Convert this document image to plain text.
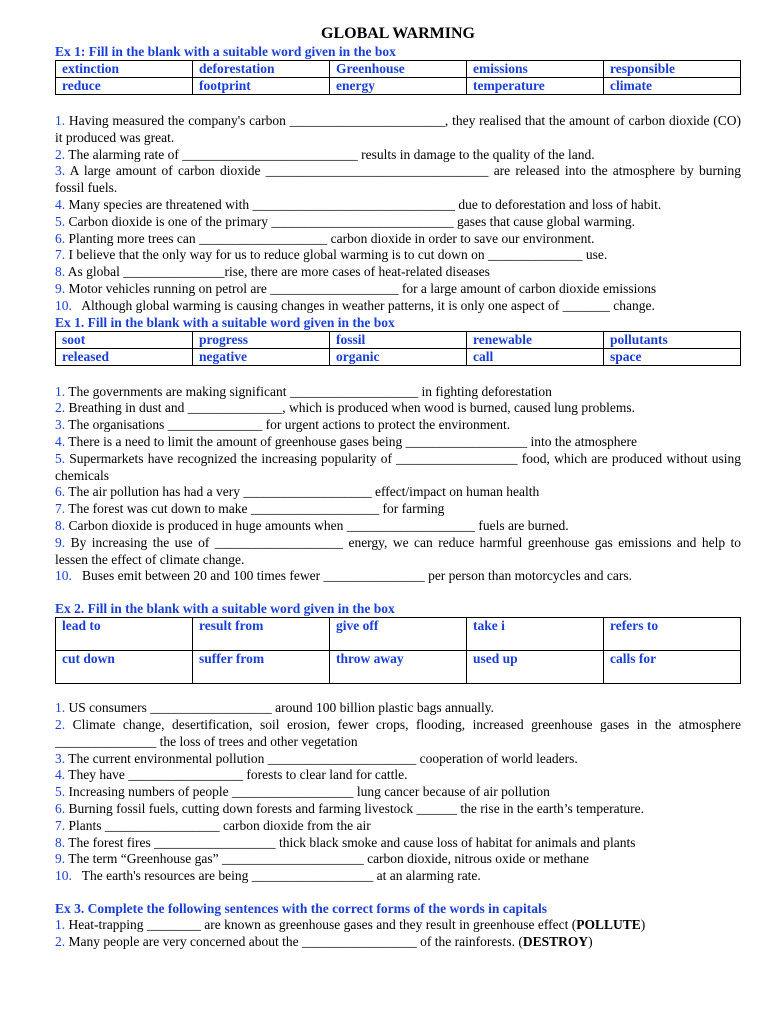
GLOBAL WARMING

Ex 1: Fill in the blank with a suitable word given in the box

extinction	deforestation	Greenhouse	emissions	responsible
reduce	footprint	energy	temperature	climate

1. Having measured the company's carbon _______________________, they realised that the amount of carbon dioxide (CO) it produced was great.

2. The alarming rate of __________________________ results in damage to the quality of the land.

3. A large amount of carbon dioxide _________________________________ are released into the atmosphere by burning fossil fuels.

4. Many species are threatened with ______________________________ due to deforestation and loss of habit.

5. Carbon dioxide is one of the primary ___________________________ gases that cause global warming.

6. Planting more trees can ___________________ carbon dioxide in order to save our environment.

7. I believe that the only way for us to reduce global warming is to cut down on ______________ use.

8. As global _______________rise, there are more cases of heat-related diseases

9. Motor vehicles running on petrol are ___________________ for a large amount of carbon dioxide emissions

10.   Although global warming is causing changes in weather patterns, it is only one aspect of _______ change.

Ex 1. Fill in the blank with a suitable word given in the box

soot	progress	fossil	renewable	pollutants
released	negative	organic	call	space

1. The governments are making significant ___________________ in fighting deforestation

2. Breathing in dust and ______________, which is produced when wood is burned, caused lung problems.

3. The organisations ______________ for urgent actions to protect the environment.

4. There is a need to limit the amount of greenhouse gases being __________________ into the atmosphere

5. Supermarkets have recognized the increasing popularity of __________________ food, which are produced without using chemicals

6. The air pollution has had a very ___________________ effect/impact on human health

7. The forest was cut down to make ___________________ for farming

8. Carbon dioxide is produced in huge amounts when ___________________ fuels are burned.

9. By increasing the use of ___________________ energy, we can reduce harmful greenhouse gas emissions and help to lessen the effect of climate change.

10.   Buses emit between 20 and 100 times fewer _______________ per person than motorcycles and cars.

Ex 2. Fill in the blank with a suitable word given in the box

lead to	result from	give off	take i	refers to
cut down	suffer from	throw away	used up	calls for

1. US consumers __________________ around 100 billion plastic bags annually.

2. Climate change, desertification, soil erosion, fewer crops, flooding, increased greenhouse gases in the atmosphere _______________ the loss of trees and other vegetation

3. The current environmental pollution ______________________ cooperation of world leaders.

4. They have _________________ forests to clear land for cattle.

5. Increasing numbers of people __________________ lung cancer because of air pollution

6. Burning fossil fuels, cutting down forests and farming livestock ______ the rise in the earth’s temperature.

7. Plants _________________ carbon dioxide from the air

8. The forest fires __________________ thick black smoke and cause loss of habitat for animals and plants

9. The term “Greenhouse gas” _____________________ carbon dioxide, nitrous oxide or methane

10.   The earth's resources are being __________________ at an alarming rate.

Ex 3. Complete the following sentences with the correct forms of the words in capitals

1. Heat-trapping ________ are known as greenhouse gases and they result in greenhouse effect (POLLUTE)

2. Many people are very concerned about the _________________ of the rainforests. (DESTROY)
